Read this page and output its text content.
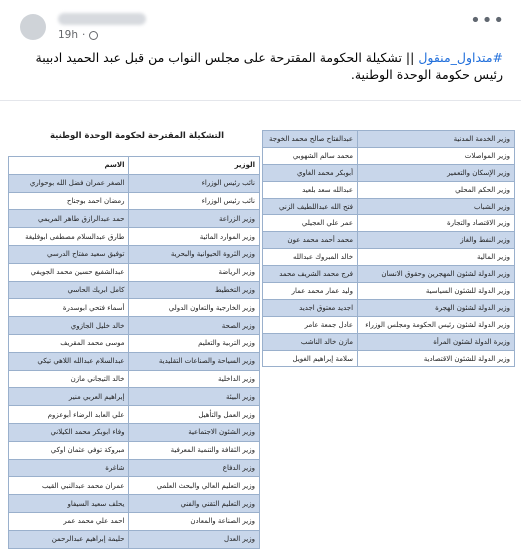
19h ·
•••
#متداول_منقول || تشكيلة الحكومة المقترحة على مجلس النواب من قبل عبد الحميد ادبيبة رئيس حكومة الوحدة الوطنية.
التشكيلة المقترحة لحكومة الوحدة الوطنية
الوزير	الاسم
نائب رئيس الوزراء	الصغر عمران فضل الله بوحواري
نائب رئيس الوزراء	رمضان احمد بوجناح
وزير الزراعة	حمد عبدالرازق طاهر المريمي
وزير الموارد المائية	طارق عبدالسلام مصطفى ابوفليغة
وزير الثروة الحيوانية والبحرية	توفيق سعيد مفتاح الدرسي
وزير الرياضة	عبدالشفيع حسين محمد الجويفي
وزير التخطيط	كامل ابريك الحاسي
وزير الخارجية والتعاون الدولي	أسماء فتحي ابوسدرة
وزير الصحة	خالد خليل الجازوي
وزير التربية والتعليم	موسى محمد المقريف
وزير السياحة والصناعات التقليدية	عبدالسلام عبدالله اللاهي تيكي
وزير الداخلية	خالد التيجاني مازن
وزير البيئة	إبراهيم العربي منير
وزير العمل والتأهيل	علي العابد الرضاء أبوعزوم
وزير الشئون الاجتماعية	وفاء ابوبكر محمد الكيلاني
وزير الثقافة والتنمية المعرفية	مبروكة توفي عثمان اوكي
وزير الدفاع	شاغرة
وزير التعليم العالي والبحث العلمي	عمران محمد عبدالنبي القيب
وزير التعليم التقني والفني	يحلف سعيد السيفاو
وزير الصناعة والمعادن	احمد علي محمد عمر
وزير العدل	حليمة إبراهيم عبدالرحمن
وزير الخدمة المدنية	عبدالفتاح صالح محمد الخوجة
وزير المواصلات	محمد سالم الشهوبي
وزير الإسكان والتعمير	أبوبكر محمد الغاوي
وزير الحكم المحلي	عبدالله سعد بلعيد
وزير الشباب	فتح الله عبداللطيف الزني
وزير الاقتصاد والتجارة	عمر علي العجيلي
وزير النفط والغاز	محمد أحمد محمد عون
وزير المالية	خالد المبروك عبدالله
وزير الدولة لشئون المهجرين وحقوق الانسان	فرج محمد الشريف محمد
وزير الدولة للشئون السياسية	وليد عمار محمد عمار
وزير الدولة لشئون الهجرة	اجديد معتوق اجديد
وزير الدولة لشئون رئيس الحكومة ومجلس الوزراء	عادل جمعة عامر
وزيرة الدولة لشئون المرأة	مازن خالد الناشب
وزير الدولة للشئون الاقتصادية	سلامة إبراهيم الغويل
